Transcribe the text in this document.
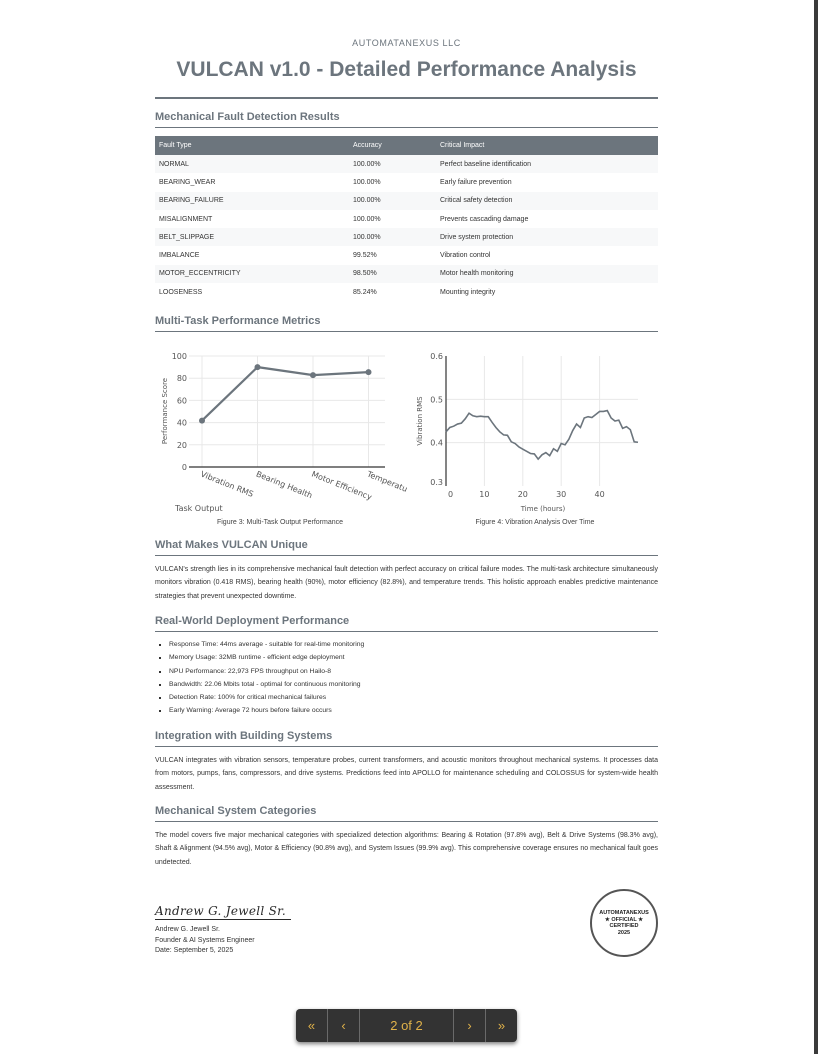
AUTOMATANEXUS LLC
VULCAN v1.0 - Detailed Performance Analysis
Mechanical Fault Detection Results
Fault Type	Accuracy	Critical Impact
NORMAL	100.00%	Perfect baseline identification
BEARING_WEAR	100.00%	Early failure prevention
BEARING_FAILURE	100.00%	Critical safety detection
MISALIGNMENT	100.00%	Prevents cascading damage
BELT_SLIPPAGE	100.00%	Drive system protection
IMBALANCE	99.52%	Vibration control
MOTOR_ECCENTRICITY	98.50%	Motor health monitoring
LOOSENESS	85.24%	Mounting integrity
Multi-Task Performance Metrics
0
20
40
60
80
100
Vibration RMS Bearing Health
Motor Efficiency
Temperatu
Task Output
Performance Score
Figure 3: Multi-Task Output Performance
0.3
0.4
0.5
0.6
0	10	20	30	40
Time (hours)
Vibration RMS
Figure 4: Vibration Analysis Over Time
What Makes VULCAN Unique
VULCAN's strength lies in its comprehensive mechanical fault detection with perfect accuracy on critical failure modes. The multi-task architecture simultaneously monitors vibration (0.418 RMS), bearing health (90%), motor efficiency (82.8%), and temperature trends. This holistic approach enables predictive maintenance strategies that prevent unexpected downtime.
Real-World Deployment Performance
▪ Response Time: 44ms average - suitable for real-time monitoring
▪ Memory Usage: 32MB runtime - efficient edge deployment
▪ NPU Performance: 22,973 FPS throughput on Hailo-8
▪ Bandwidth: 22.06 Mbits total - optimal for continuous monitoring
▪ Detection Rate: 100% for critical mechanical failures
▪ Early Warning: Average 72 hours before failure occurs
Integration with Building Systems
VULCAN integrates with vibration sensors, temperature probes, current transformers, and acoustic monitors throughout mechanical systems. It processes data from motors, pumps, fans, compressors, and drive systems. Predictions feed into APOLLO for maintenance scheduling and COLOSSUS for system-wide health assessment.
Mechanical System Categories
The model covers five major mechanical categories with specialized detection algorithms: Bearing & Rotation (97.8% avg), Belt & Drive Systems (98.3% avg), Shaft & Alignment (94.5% avg), Motor & Efficiency (90.8% avg), and System Issues (99.9% avg). This comprehensive coverage ensures no mechanical fault goes undetected.
Andrew G. Jewell Sr.
Andrew G. Jewell Sr.
Founder & AI Systems Engineer
Date: September 5, 2025
AUTOMATANEXUS
★ OFFICIAL ★
CERTIFIED
2025
« ‹	2 of 2	› »
